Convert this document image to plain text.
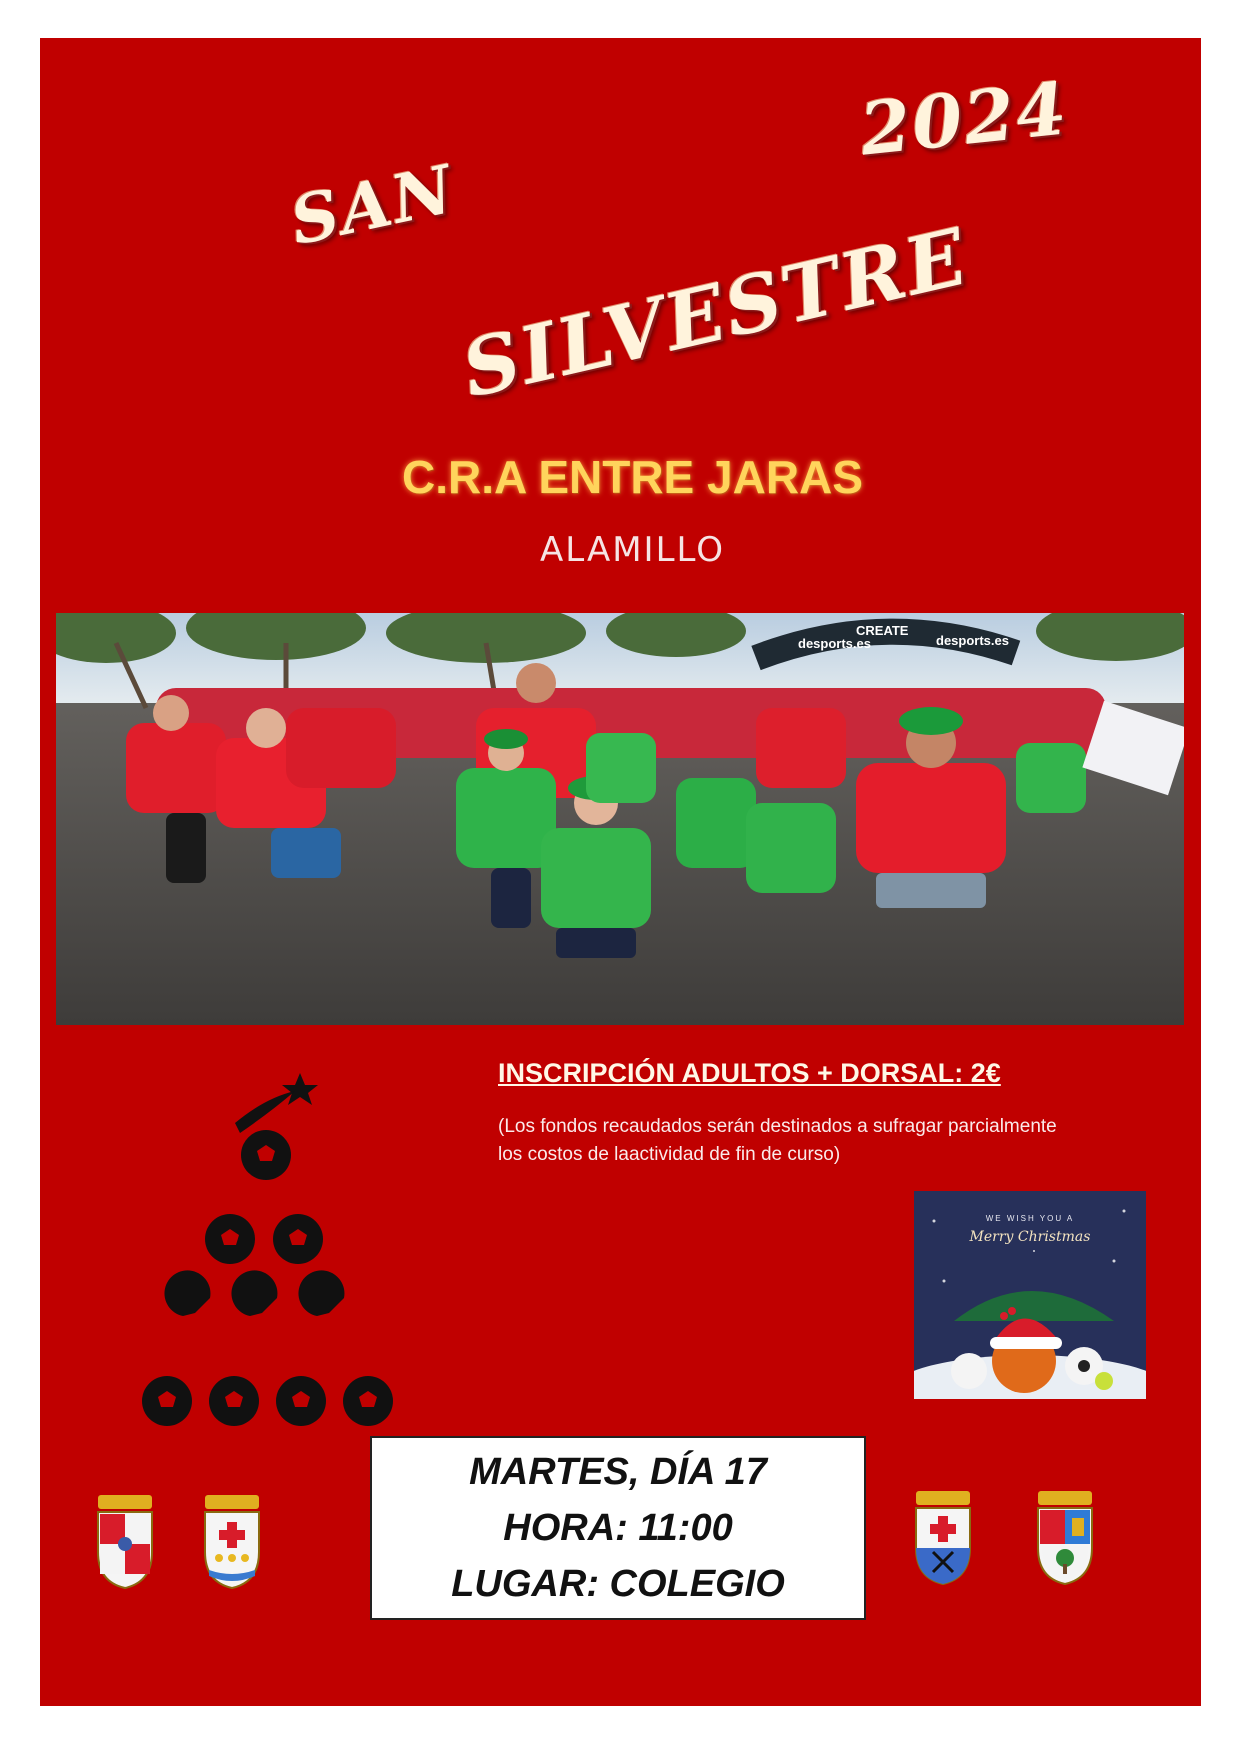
2024
SAN
SILVESTRE
C.R.A ENTRE JARAS
ALAMILLO
desports.es
CREATE
desports.es
INSCRIPCIÓN ADULTOS + DORSAL: 2€
(Los fondos recaudados serán destinados a sufragar parcialmente
los costos de laactividad de fin de curso)
WE WISH YOU A
Merry Christmas
MARTES, DÍA 17
HORA: 11:00
LUGAR: COLEGIO
